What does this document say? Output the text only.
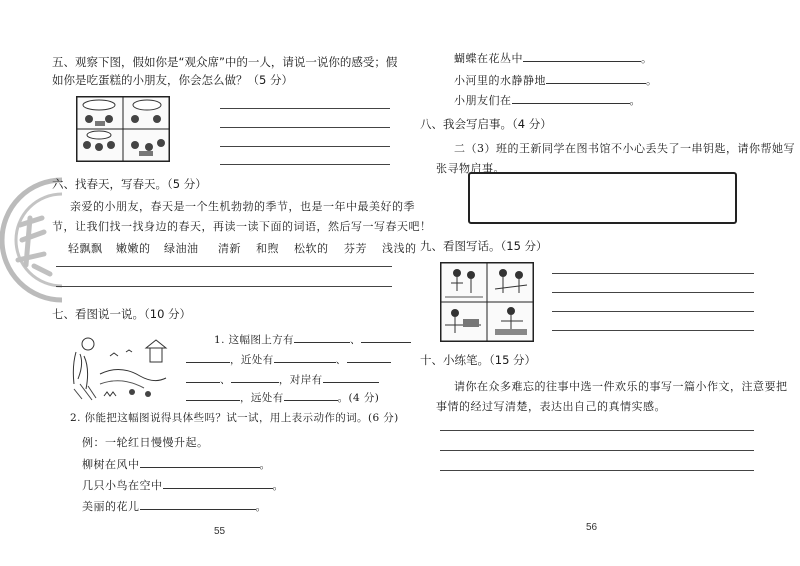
五、观察下图，假如你是“观众席”中的一人，请说一说你的感受；假
如你是吃蛋糕的小朋友，你会怎么做？（5 分）
六、找春天，写春天。（5 分）
亲爱的小朋友，春天是一个生机勃勃的季节，也是一年中最美好的季
节，让我们找一找身边的春天，再读一读下面的词语，然后写一写春天吧！
轻飘飘 嫩嫩的 绿油油 清新 和煦 松软的 芬芳 浅浅的
七、看图说一说。（10 分）
1. 这幅图上方有	、
，近处有	、
、	，对岸有
，远处有	。(4 分)
2. 你能把这幅图说得具体些吗？试一试，用上表示动作的词。(6 分)
例：一轮红日慢慢升起。
柳树在风中	。
几只小鸟在空中	。
美丽的花儿	。
55
蝴蝶在花丛中	。
小河里的水静静地	。
小朋友们在	。
八、我会写启事。（4 分）
二（3）班的王新同学在图书馆不小心丢失了一串钥匙，请你帮她写
张寻物启事。
九、看图写话。（15 分）
十、小练笔。（15 分）
请你在众多难忘的往事中选一件欢乐的事写一篇小作文，注意要把
事情的经过写清楚，表达出自己的真情实感。
56
